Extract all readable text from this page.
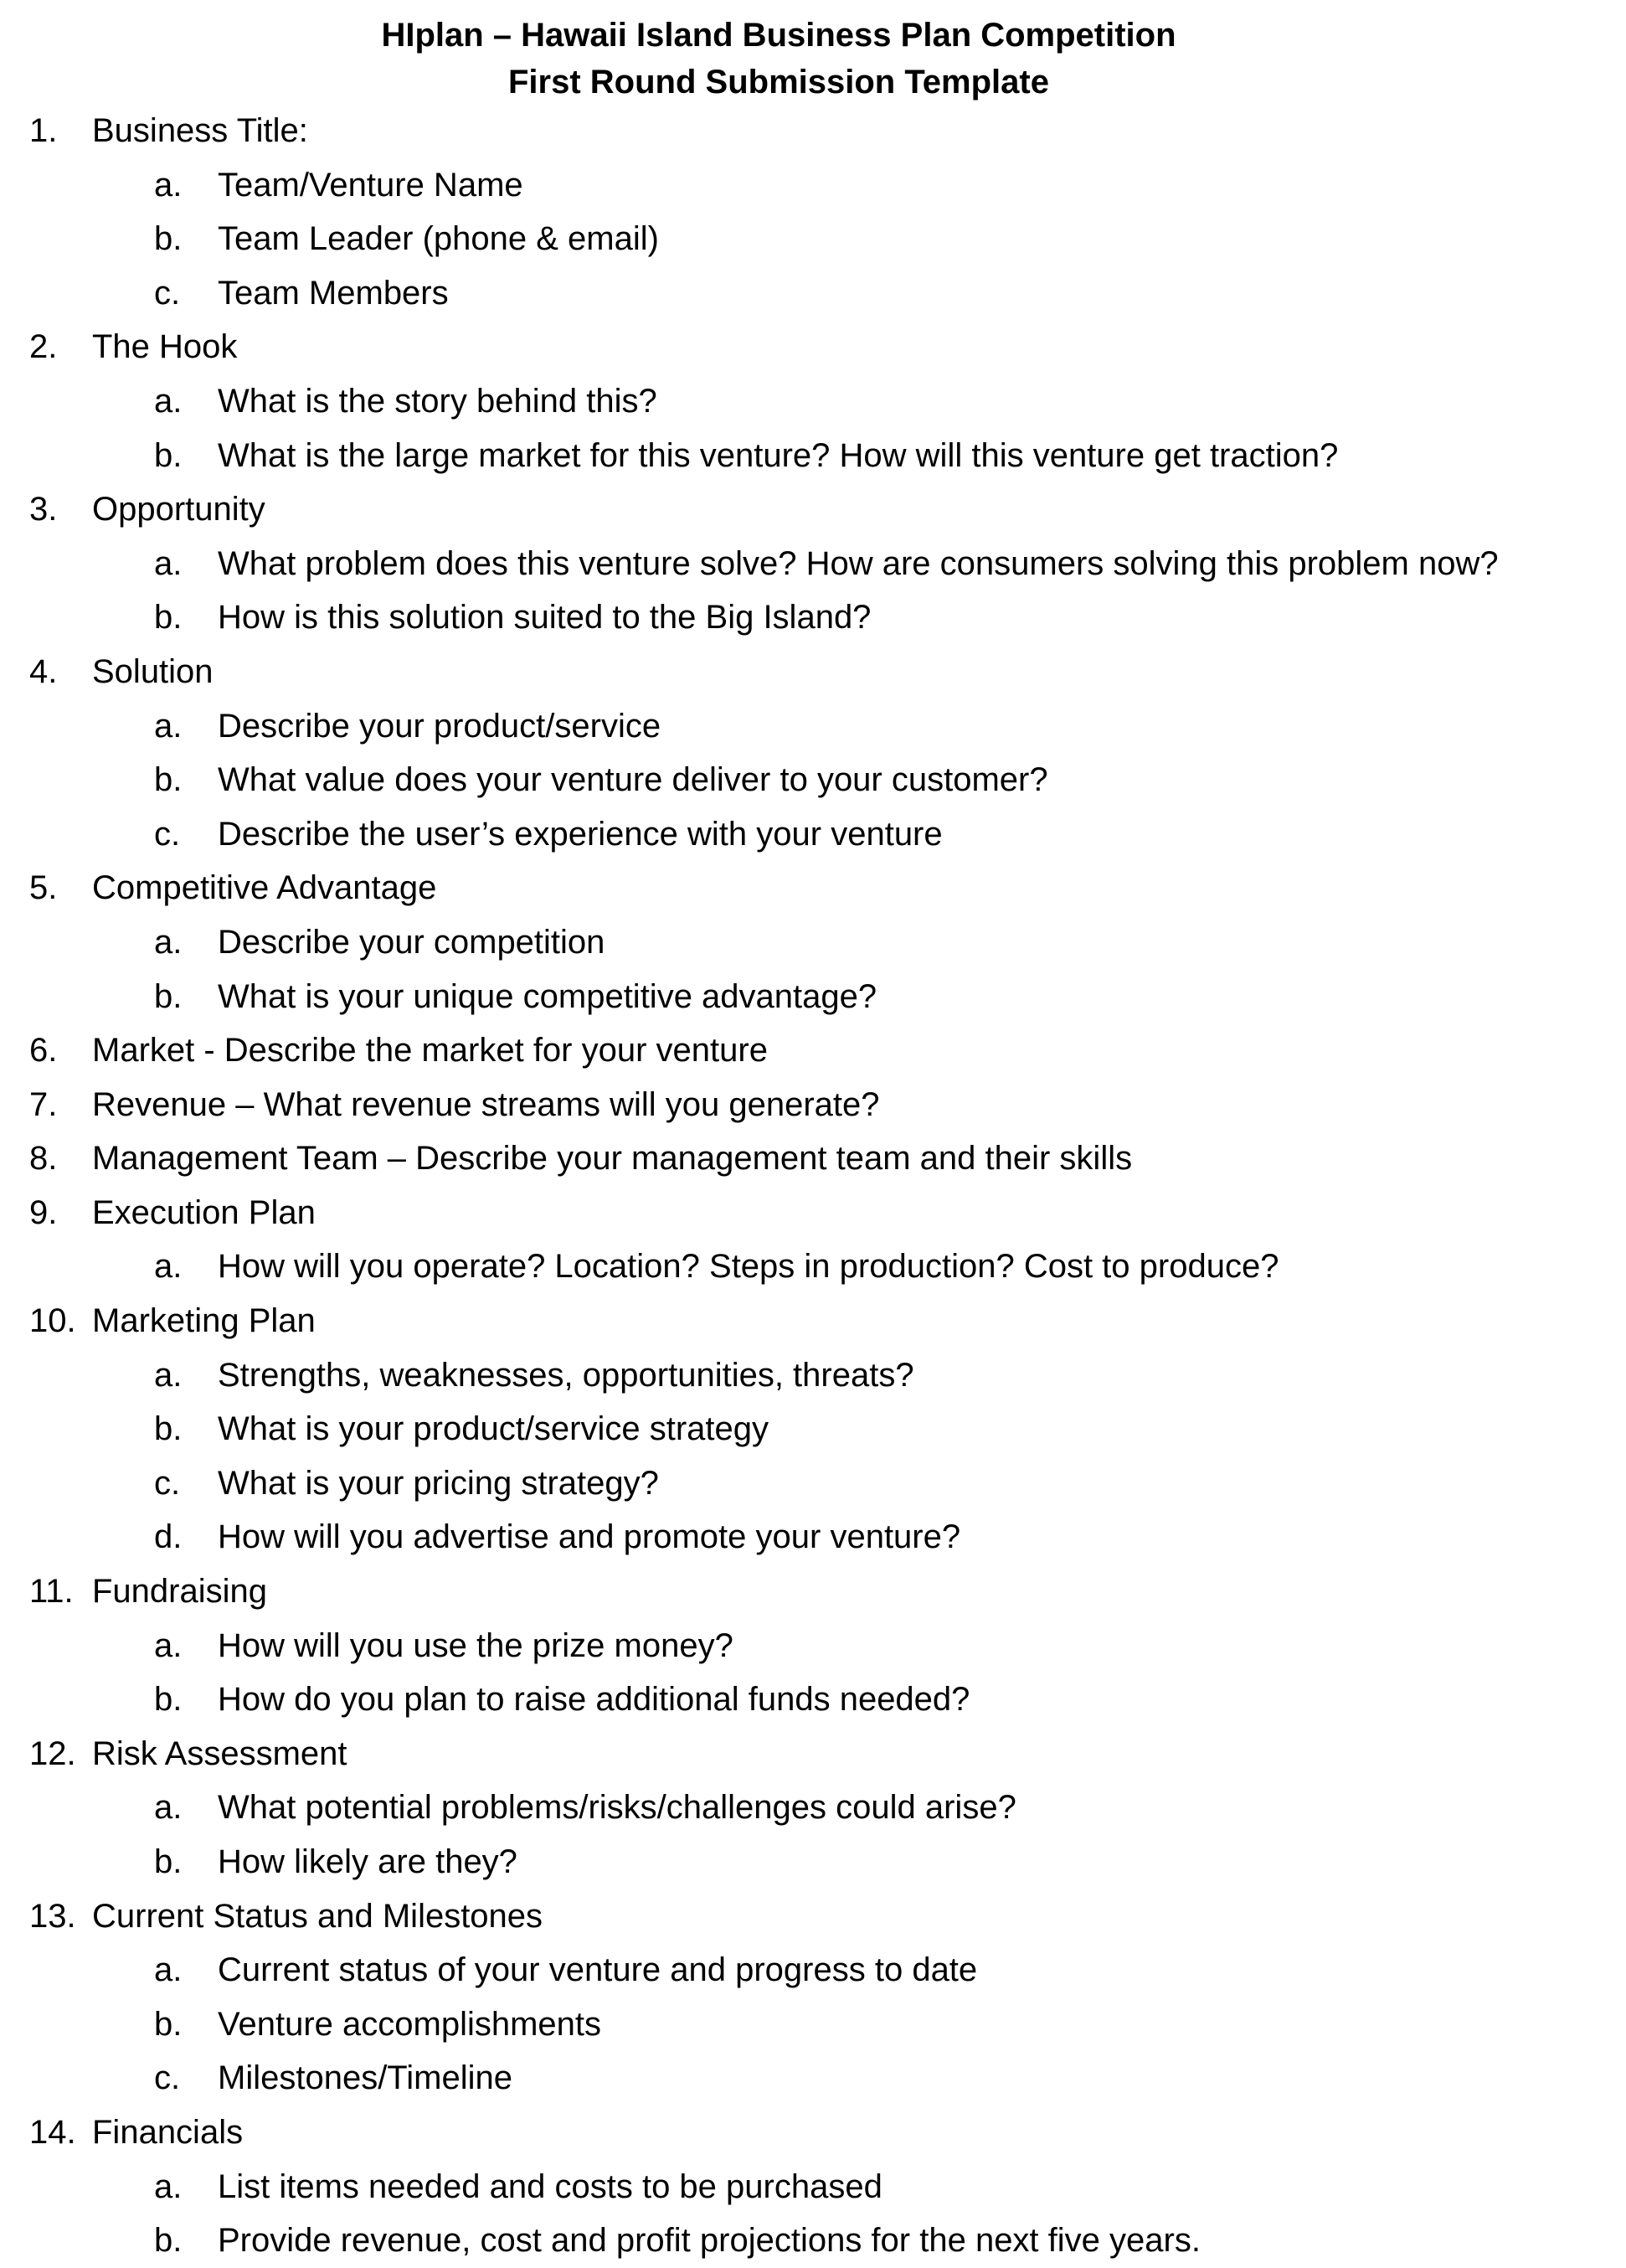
HIplan – Hawaii Island Business Plan Competition
First Round Submission Template
1. Business Title:
a. Team/Venture Name
b. Team Leader (phone & email)
c. Team Members
2. The Hook
a. What is the story behind this?
b. What is the large market for this venture? How will this venture get traction?
3. Opportunity
a. What problem does this venture solve? How are consumers solving this problem now?
b. How is this solution suited to the Big Island?
4. Solution
a. Describe your product/service
b. What value does your venture deliver to your customer?
c. Describe the user’s experience with your venture
5. Competitive Advantage
a. Describe your competition
b. What is your unique competitive advantage?
6. Market - Describe the market for your venture
7. Revenue – What revenue streams will you generate?
8. Management Team – Describe your management team and their skills
9. Execution Plan
a. How will you operate? Location? Steps in production? Cost to produce?
10. Marketing Plan
a. Strengths, weaknesses, opportunities, threats?
b. What is your product/service strategy
c. What is your pricing strategy?
d. How will you advertise and promote your venture?
11. Fundraising
a. How will you use the prize money?
b. How do you plan to raise additional funds needed?
12. Risk Assessment
a. What potential problems/risks/challenges could arise?
b. How likely are they?
13. Current Status and Milestones
a. Current status of your venture and progress to date
b. Venture accomplishments
c. Milestones/Timeline
14. Financials
a. List items needed and costs to be purchased
b. Provide revenue, cost and profit projections for the next five years.
